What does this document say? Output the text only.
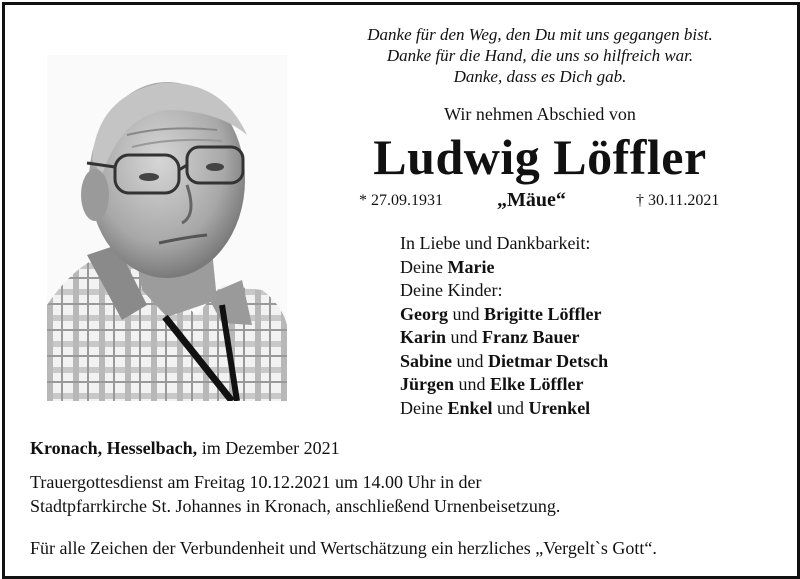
Danke für den Weg, den Du mit uns gegangen bist.
Danke für die Hand, die uns so hilfreich war.
Danke, dass es Dich gab.
Wir nehmen Abschied von
Ludwig Löffler
* 27.09.1931	„Mäue“	† 30.11.2021
In Liebe und Dankbarkeit:
Deine Marie
Deine Kinder:
Georg und Brigitte Löffler
Karin und Franz Bauer
Sabine und Dietmar Detsch
Jürgen und Elke Löffler
Deine Enkel und Urenkel
Kronach, Hesselbach, im Dezember 2021
Trauergottesdienst am Freitag 10.12.2021 um 14.00 Uhr in der
Stadtpfarrkirche St. Johannes in Kronach, anschließend Urnenbeisetzung.
Für alle Zeichen der Verbundenheit und Wertschätzung ein herzliches „Vergelt`s Gott“.
